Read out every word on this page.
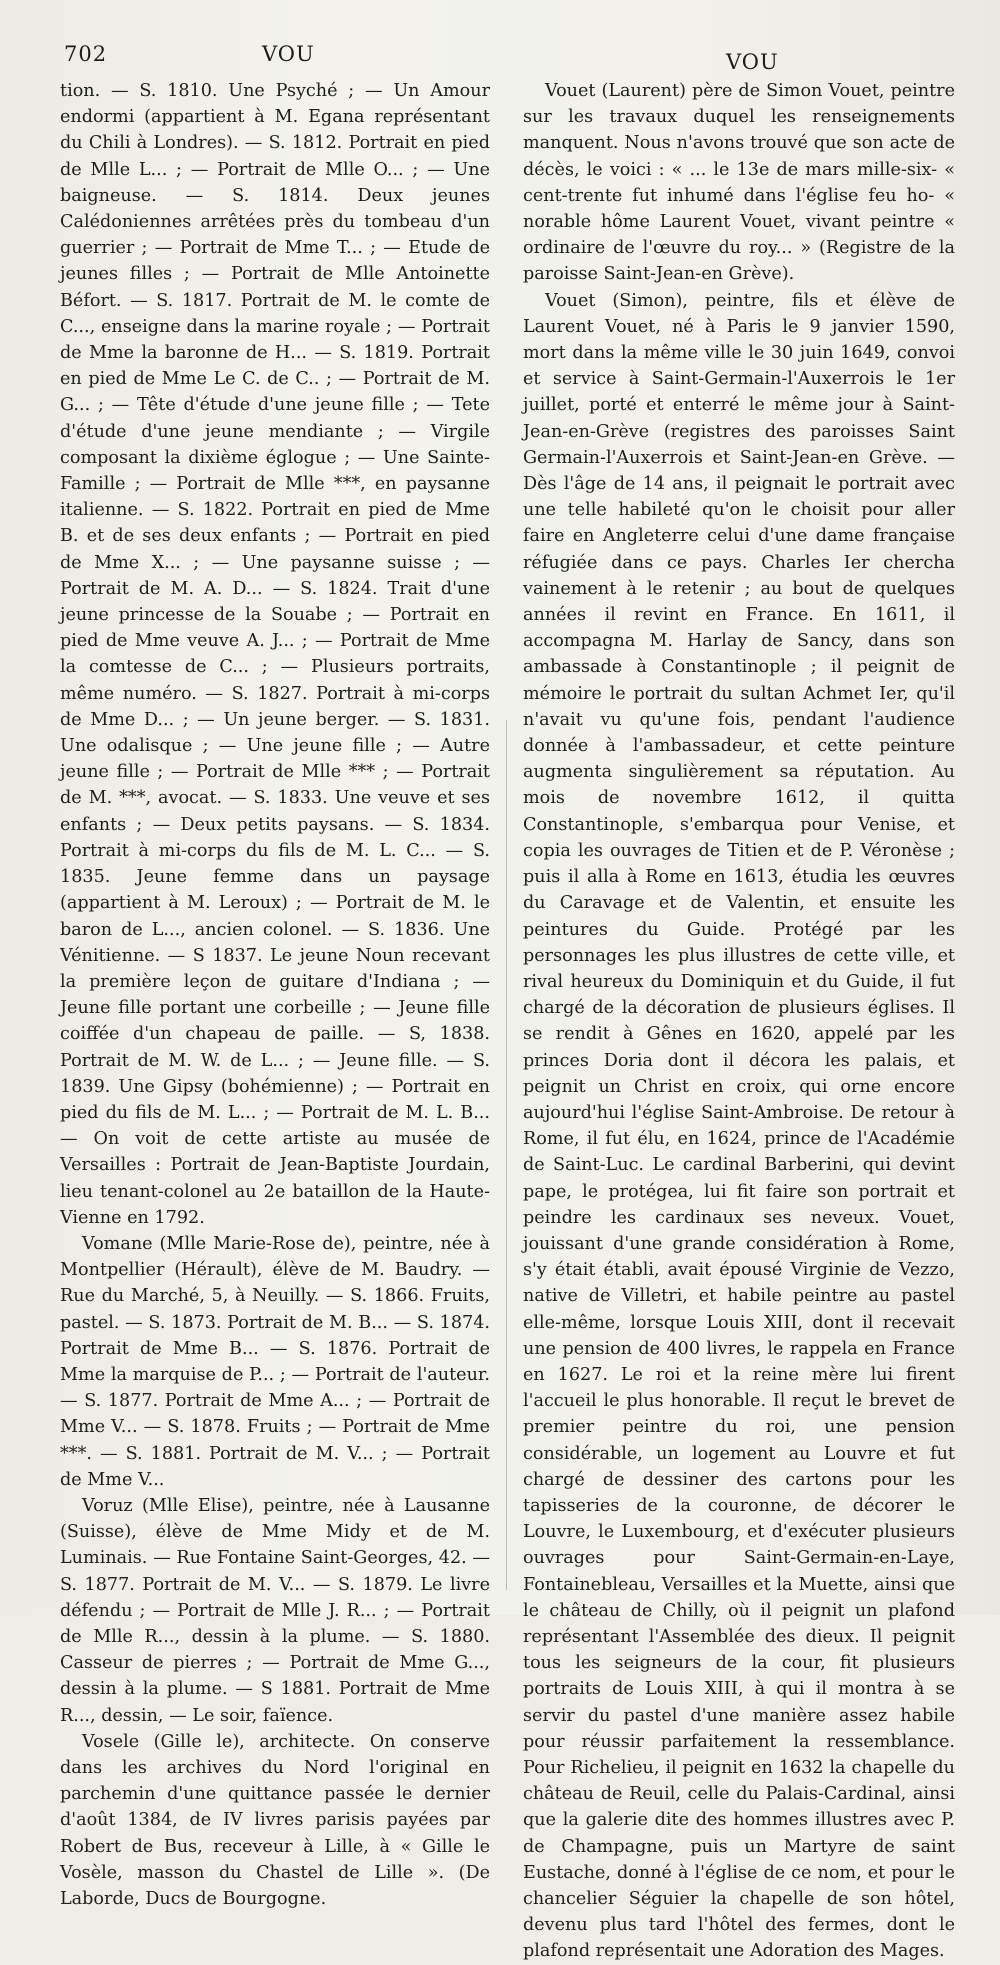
702	VOU	VOU

tion. — S. 1810. Une Psyché ; — Un Amour endormi (appartient à M. Egana représentant du Chili à Londres). — S. 1812. Portrait en pied de Mlle L... ; — Portrait de Mlle O... ; — Une baigneuse. — S. 1814. Deux jeunes Calédoniennes arrêtées près du tombeau d'un guerrier ; — Portrait de Mme T... ; — Etude de jeunes filles ; — Portrait de Mlle Antoinette Béfort. — S. 1817. Portrait de M. le comte de C..., enseigne dans la marine royale ; — Portrait de Mme la baronne de H... — S. 1819. Portrait en pied de Mme Le C. de C.. ; — Portrait de M. G... ; — Tête d'étude d'une jeune fille ; — Tete d'étude d'une jeune mendiante ; — Virgile composant la dixième églogue ; — Une Sainte-Famille ; — Portrait de Mlle ***, en paysanne italienne. — S. 1822. Portrait en pied de Mme B. et de ses deux enfants ; — Portrait en pied de Mme X... ; — Une paysanne suisse ; — Portrait de M. A. D... — S. 1824. Trait d'une jeune princesse de la Souabe ; — Portrait en pied de Mme veuve A. J... ; — Portrait de Mme la comtesse de C... ; — Plusieurs portraits, même numéro. — S. 1827. Portrait à mi-corps de Mme D... ; — Un jeune berger. — S. 1831. Une odalisque ; — Une jeune fille ; — Autre jeune fille ; — Portrait de Mlle *** ; — Portrait de M. ***, avocat. — S. 1833. Une veuve et ses enfants ; — Deux petits paysans. — S. 1834. Portrait à mi-corps du fils de M. L. C... — S. 1835. Jeune femme dans un paysage (appartient à M. Leroux) ; — Portrait de M. le baron de L..., ancien colonel. — S. 1836. Une Vénitienne. — S 1837. Le jeune Noun recevant la première leçon de guitare d'Indiana ; — Jeune fille portant une corbeille ; — Jeune fille coiffée d'un chapeau de paille. — S, 1838. Portrait de M. W. de L... ; — Jeune fille. — S. 1839. Une Gipsy (bohémienne) ; — Portrait en pied du fils de M. L... ; — Portrait de M. L. B... — On voit de cette artiste au musée de Versailles : Portrait de Jean-Baptiste Jourdain, lieu tenant-colonel au 2e bataillon de la Haute-Vienne en 1792.

Vomane (Mlle Marie-Rose de), peintre, née à Montpellier (Hérault), élève de M. Baudry. — Rue du Marché, 5, à Neuilly. — S. 1866. Fruits, pastel. — S. 1873. Portrait de M. B... — S. 1874. Portrait de Mme B... — S. 1876. Portrait de Mme la marquise de P... ; — Portrait de l'auteur. — S. 1877. Portrait de Mme A... ; — Portrait de Mme V... — S. 1878. Fruits ; — Portrait de Mme ***. — S. 1881. Portrait de M. V... ; — Portrait de Mme V...

Voruz (Mlle Elise), peintre, née à Lausanne (Suisse), élève de Mme Midy et de M. Luminais. — Rue Fontaine Saint-Georges, 42. — S. 1877. Portrait de M. V... — S. 1879. Le livre défendu ; — Portrait de Mlle J. R... ; — Portrait de Mlle R..., dessin à la plume. — S. 1880. Casseur de pierres ; — Portrait de Mme G..., dessin à la plume. — S 1881. Portrait de Mme R..., dessin, — Le soir, faïence.

Vosele (Gille le), architecte. On conserve dans les archives du Nord l'original en parchemin d'une quittance passée le dernier d'août 1384, de IV livres parisis payées par Robert de Bus, receveur à Lille, à « Gille le Vosèle, masson du Chastel de Lille ». (De Laborde, Ducs de Bourgogne.

Vouet (Laurent) père de Simon Vouet, peintre sur les travaux duquel les renseignements manquent. Nous n'avons trouvé que son acte de décès, le voici : « ... le 13e de mars mille-six- « cent-trente fut inhumé dans l'église feu ho- « norable hôme Laurent Vouet, vivant peintre « ordinaire de l'œuvre du roy... » (Registre de la paroisse Saint-Jean-en Grève).

Vouet (Simon), peintre, fils et élève de Laurent Vouet, né à Paris le 9 janvier 1590, mort dans la même ville le 30 juin 1649, convoi et service à Saint-Germain-l'Auxerrois le 1er juillet, porté et enterré le même jour à Saint-Jean-en-Grève (registres des paroisses Saint Germain-l'Auxerrois et Saint-Jean-en Grève. — Dès l'âge de 14 ans, il peignait le portrait avec une telle habileté qu'on le choisit pour aller faire en Angleterre celui d'une dame française réfugiée dans ce pays. Charles Ier chercha vainement à le retenir ; au bout de quelques années il revint en France. En 1611, il accompagna M. Harlay de Sancy, dans son ambassade à Constantinople ; il peignit de mémoire le portrait du sultan Achmet Ier, qu'il n'avait vu qu'une fois, pendant l'audience donnée à l'ambassadeur, et cette peinture augmenta singulièrement sa réputation. Au mois de novembre 1612, il quitta Constantinople, s'embarqua pour Venise, et copia les ouvrages de Titien et de P. Véronèse ; puis il alla à Rome en 1613, étudia les œuvres du Caravage et de Valentin, et ensuite les peintures du Guide. Protégé par les personnages les plus illustres de cette ville, et rival heureux du Dominiquin et du Guide, il fut chargé de la décoration de plusieurs églises. Il se rendit à Gênes en 1620, appelé par les princes Doria dont il décora les palais, et peignit un Christ en croix, qui orne encore aujourd'hui l'église Saint-Ambroise. De retour à Rome, il fut élu, en 1624, prince de l'Académie de Saint-Luc. Le cardinal Barberini, qui devint pape, le protégea, lui fit faire son portrait et peindre les cardinaux ses neveux. Vouet, jouissant d'une grande considération à Rome, s'y était établi, avait épousé Virginie de Vezzo, native de Villetri, et habile peintre au pastel elle-même, lorsque Louis XIII, dont il recevait une pension de 400 livres, le rappela en France en 1627. Le roi et la reine mère lui firent l'accueil le plus honorable. Il reçut le brevet de premier peintre du roi, une pension considérable, un logement au Louvre et fut chargé de dessiner des cartons pour les tapisseries de la couronne, de décorer le Louvre, le Luxembourg, et d'exécuter plusieurs ouvrages pour Saint-Germain-en-Laye, Fontainebleau, Versailles et la Muette, ainsi que le château de Chilly, où il peignit un plafond représentant l'Assemblée des dieux. Il peignit tous les seigneurs de la cour, fit plusieurs portraits de Louis XIII, à qui il montra à se servir du pastel d'une manière assez habile pour réussir parfaitement la ressemblance. Pour Richelieu, il peignit en 1632 la chapelle du château de Reuil, celle du Palais-Cardinal, ainsi que la galerie dite des hommes illustres avec P. de Champagne, puis un Martyre de saint Eustache, donné à l'église de ce nom, et pour le chancelier Séguier la chapelle de son hôtel, devenu plus tard l'hôtel des fermes, dont le plafond représentait une Adoration des Mages.
